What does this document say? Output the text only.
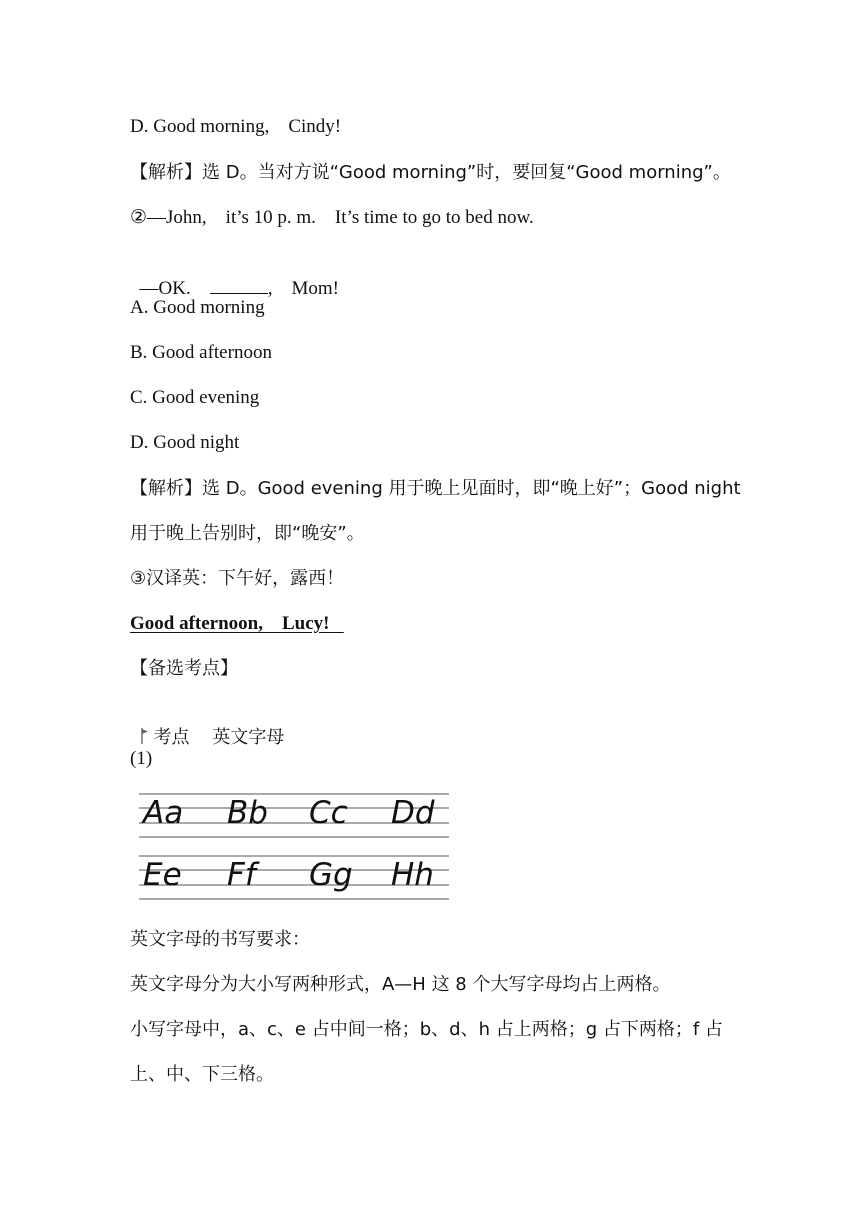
D. Good morning,    Cindy!
【解析】选 D。当对方说“Good morning”时，要回复“Good morning”。
②—John,    it’s 10 p. m.    It’s time to go to bed now.

—OK.	,    Mom!

A. Good morning
B. Good afternoon
C. Good evening
D. Good night
【解析】选 D。Good evening 用于晚上见面时，即“晚上好”；Good night
用于晚上告别时，即“晚安”。
③汉译英：下午好，露西！
Good afternoon,    Lucy!
【备选考点】

考点    英文字母

(1)
Aa Bb Cc Dd
Ee Ff Gg Hh
英文字母的书写要求：
英文字母分为大小写两种形式，A—H 这 8 个大写字母均占上两格。
小写字母中，a、c、e 占中间一格；b、d、h 占上两格；g 占下两格；f 占
上、中、下三格。
